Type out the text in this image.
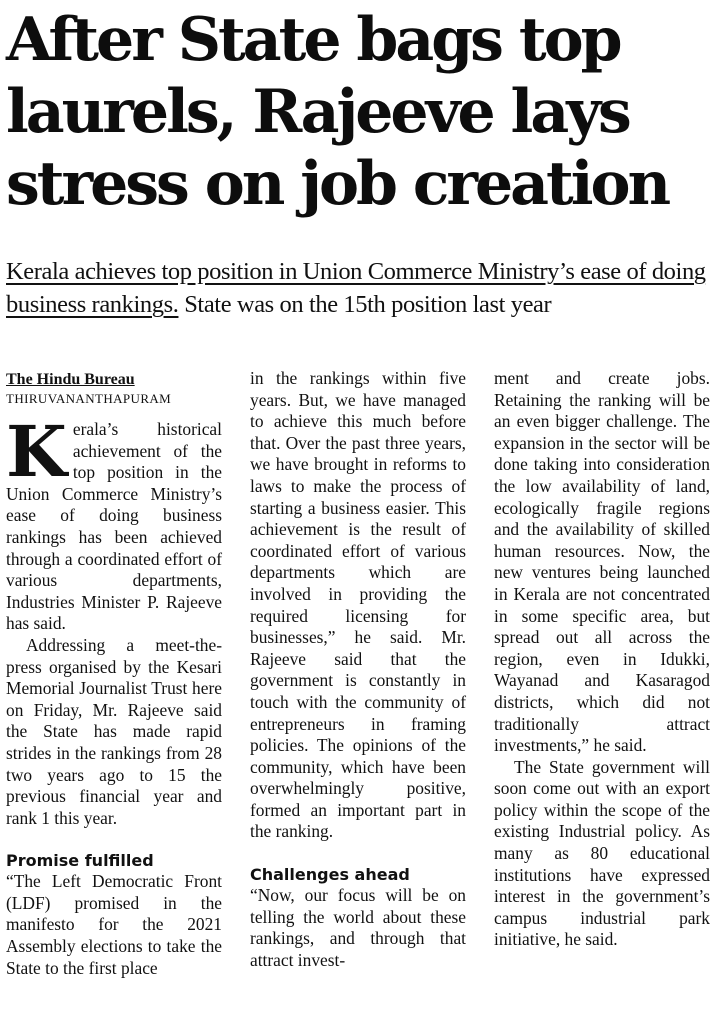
After State bags top
laurels, Rajeeve lays
stress on job creation

Kerala achieves top position in Union Commerce Ministry’s ease of doing business rankings. State was on the 15th position last year

The Hindu Bureau
THIRUVANANTHAPURAM

Kerala’s historical achievement of the top position in the Union Commerce Ministry’s ease of doing business rankings has been achieved through a coordinated effort of various departments, Industries Minister P. Rajeeve has said.

Addressing a meet-the-press organised by the Kesari Memorial Journalist Trust here on Friday, Mr. Rajeeve said the State has made rapid strides in the rankings from 28 two years ago to 15 the previous financial year and rank 1 this year.

Promise fulfilled

“The Left Democratic Front (LDF) promised in the manifesto for the 2021 Assembly elections to take the State to the first place

in the rankings within five years. But, we have managed to achieve this much before that. Over the past three years, we have brought in reforms to laws to make the process of starting a business easier. This achievement is the result of coordinated effort of various departments which are involved in providing the required licensing for businesses,” he said. Mr. Rajeeve said that the government is constantly in touch with the community of entrepreneurs in framing policies. The opinions of the community, which have been overwhelmingly positive, formed an important part in the ranking.

Challenges ahead

“Now, our focus will be on telling the world about these rankings, and through that attract invest-

ment and create jobs. Retaining the ranking will be an even bigger challenge. The expansion in the sector will be done taking into consideration the low availability of land, ecologically fragile regions and the availability of skilled human resources. Now, the new ventures being launched in Kerala are not concentrated in some specific area, but spread out all across the region, even in Idukki, Wayanad and Kasaragod districts, which did not traditionally attract investments,” he said.

The State government will soon come out with an export policy within the scope of the existing Industrial policy. As many as 80 educational institutions have expressed interest in the government’s campus industrial park initiative, he said.
